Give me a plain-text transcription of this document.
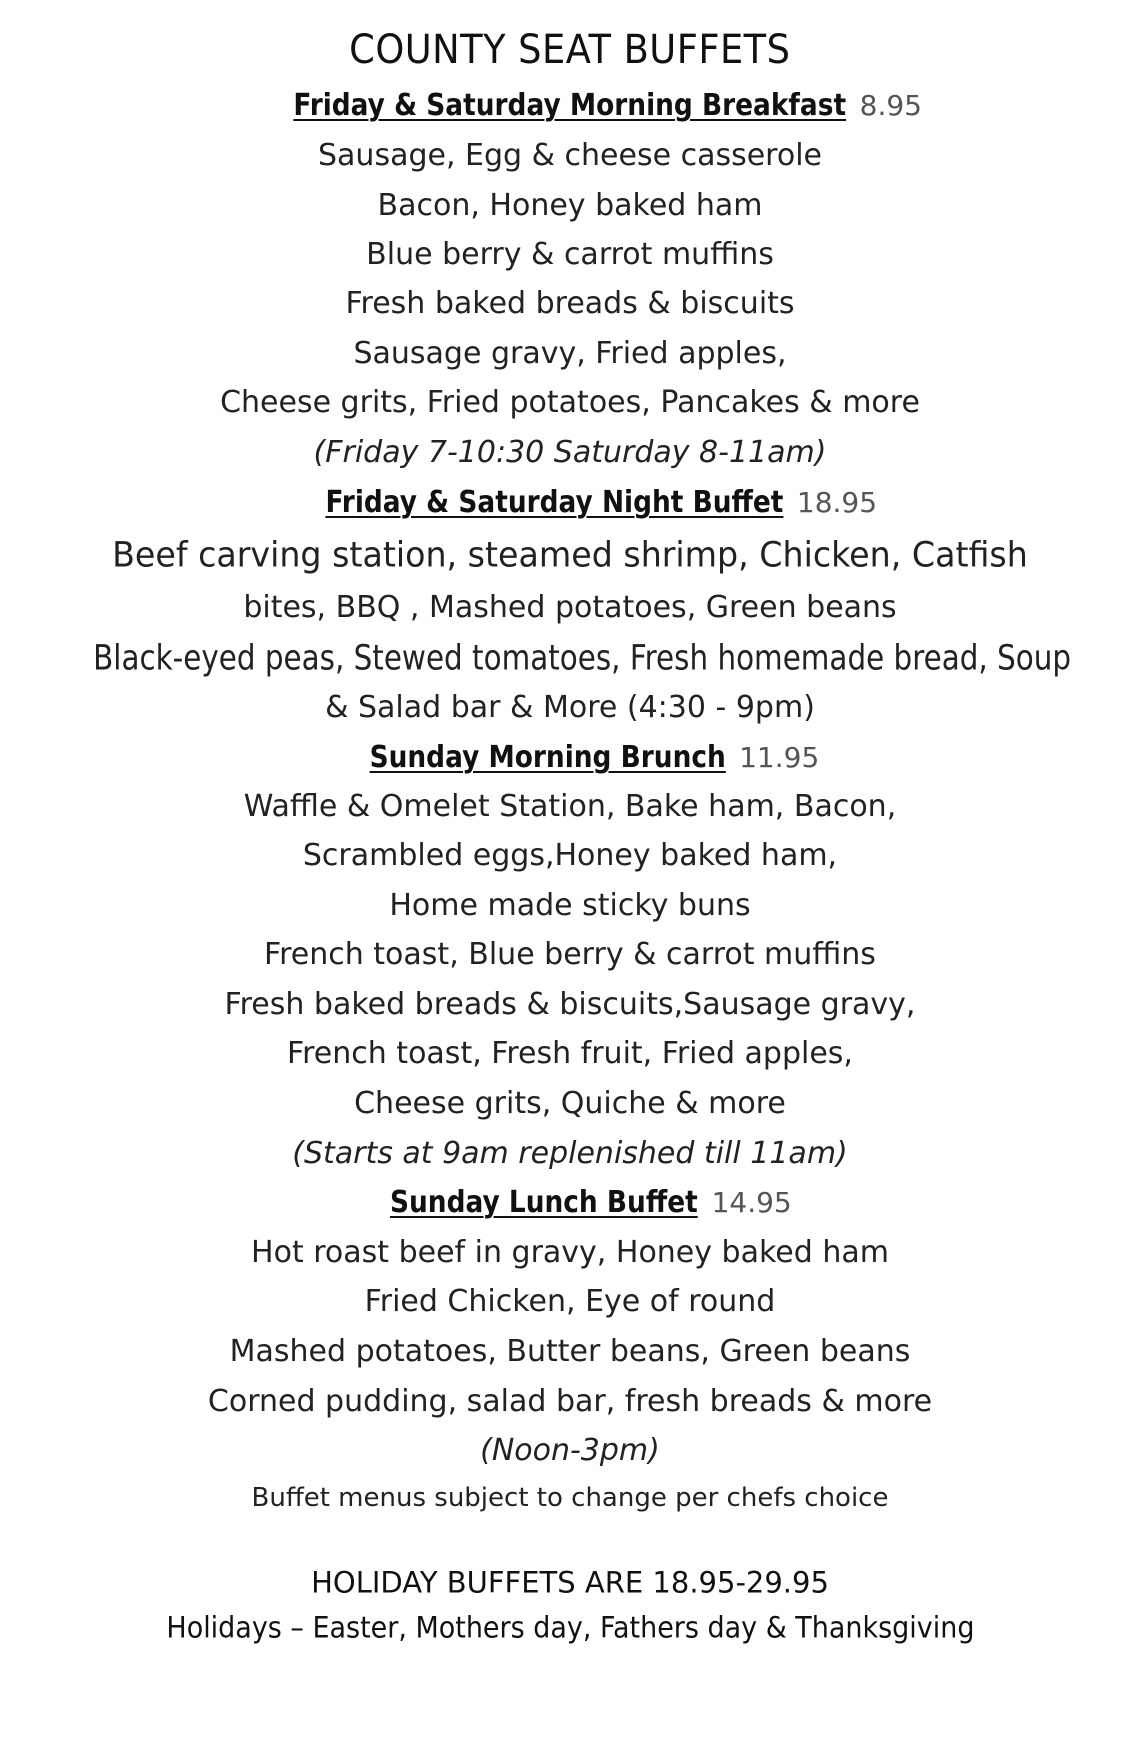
COUNTY SEAT BUFFETS
Friday & Saturday Morning Breakfast 8.95
Sausage, Egg & cheese casserole
Bacon, Honey baked ham
Blue berry & carrot muffins
Fresh baked breads & biscuits
Sausage gravy, Fried apples,
Cheese grits, Fried potatoes, Pancakes & more
(Friday 7-10:30 Saturday 8-11am)
Friday & Saturday Night Buffet 18.95
Beef carving station, steamed shrimp, Chicken, Catfish
bites, BBQ , Mashed potatoes, Green beans
Black-eyed peas, Stewed tomatoes, Fresh homemade bread, Soup
& Salad bar & More (4:30 - 9pm)
Sunday Morning Brunch 11.95
Waffle & Omelet Station, Bake ham, Bacon,
Scrambled eggs,Honey baked ham,
Home made sticky buns
French toast, Blue berry & carrot muffins
Fresh baked breads & biscuits,Sausage gravy,
French toast, Fresh fruit, Fried apples,
Cheese grits, Quiche & more
(Starts at 9am replenished till 11am)
Sunday Lunch Buffet 14.95
Hot roast beef in gravy, Honey baked ham
Fried Chicken, Eye of round
Mashed potatoes, Butter beans, Green beans
Corned pudding, salad bar, fresh breads & more
(Noon-3pm)
Buffet menus subject to change per chefs choice
HOLIDAY BUFFETS ARE 18.95-29.95
Holidays – Easter, Mothers day, Fathers day & Thanksgiving
